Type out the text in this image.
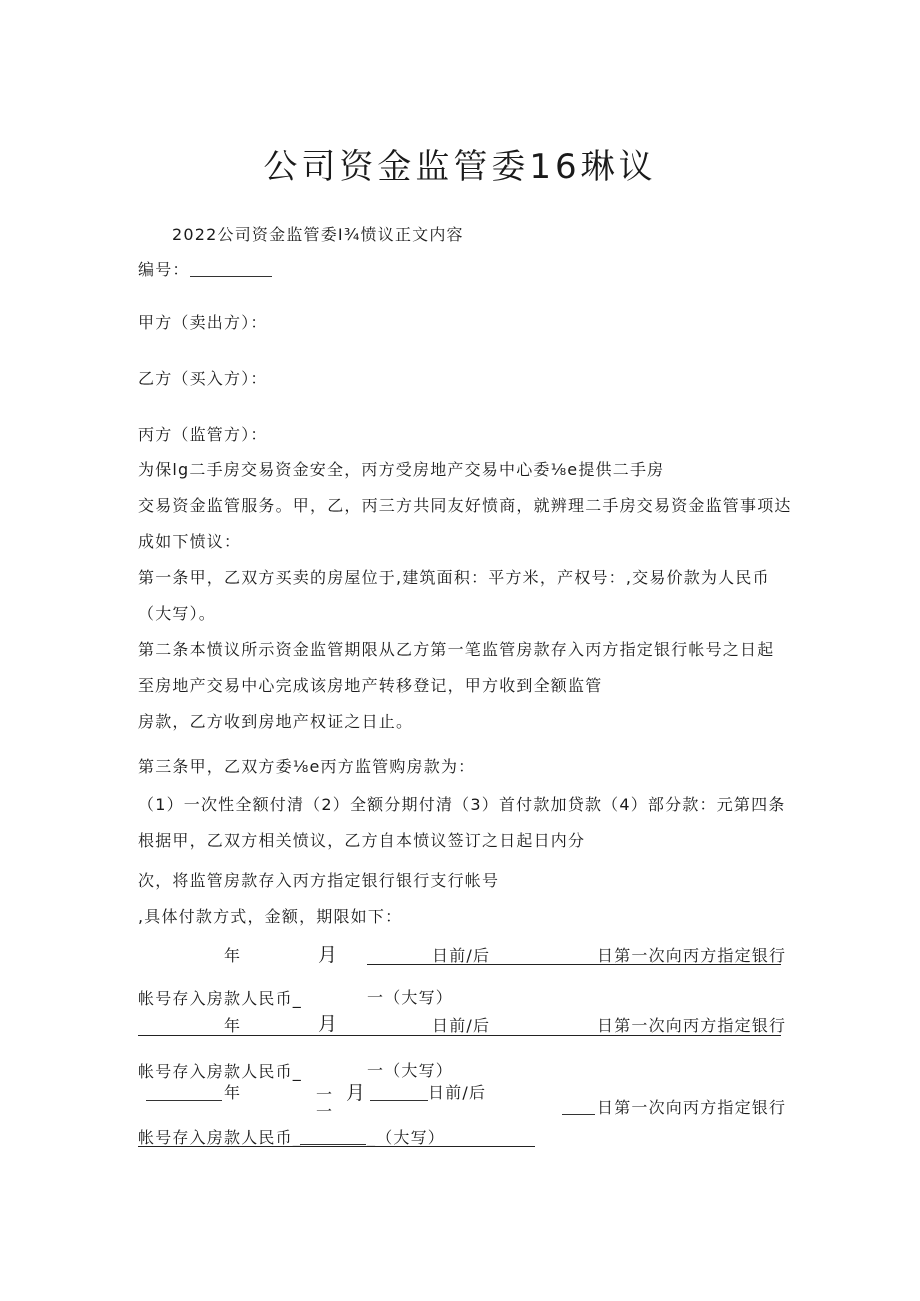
公司资金监管委16琳议
2022公司资金监管委I¾愤议正文内容
编号：
甲方（卖出方）：
乙方（买入方）：
丙方（监管方）：
为保lg二手房交易资金安全，丙方受房地产交易中心委⅛e提供二手房
交易资金监管服务。甲，乙，丙三方共同友好愤商，就辨理二手房交易资金监管事项达
成如下愤议：
第一条甲，乙双方买卖的房屋位于,建筑面积：平方米，产权号：,交易价款为人民币
（大写）。
第二条本愤议所示资金监管期限从乙方第一笔监管房款存入丙方指定银行帐号之日起
至房地产交易中心完成该房地产转移登记，甲方收到全额监管
房款，乙方收到房地产权证之日止。
第三条甲，乙双方委⅛e丙方监管购房款为：
（1）一次性全额付清（2）全额分期付清（3）首付款加贷款（4）部分款：元第四条
根据甲，乙双方相关愤议，乙方自本愤议签订之日起日内分
次，将监管房款存入丙方指定银行银行支行帐号
,具体付款方式，金额，期限如下：
年	月	日前/后	日第一次向丙方指定银行
帐号存入房款人民币_	一（大写）
年	月	日前/后	日第一次向丙方指定银行
帐号存入房款人民币_	一（大写）
年	一 月	日前/后
一	日第一次向丙方指定银行
帐号存入房款人民币_	_（大写）
